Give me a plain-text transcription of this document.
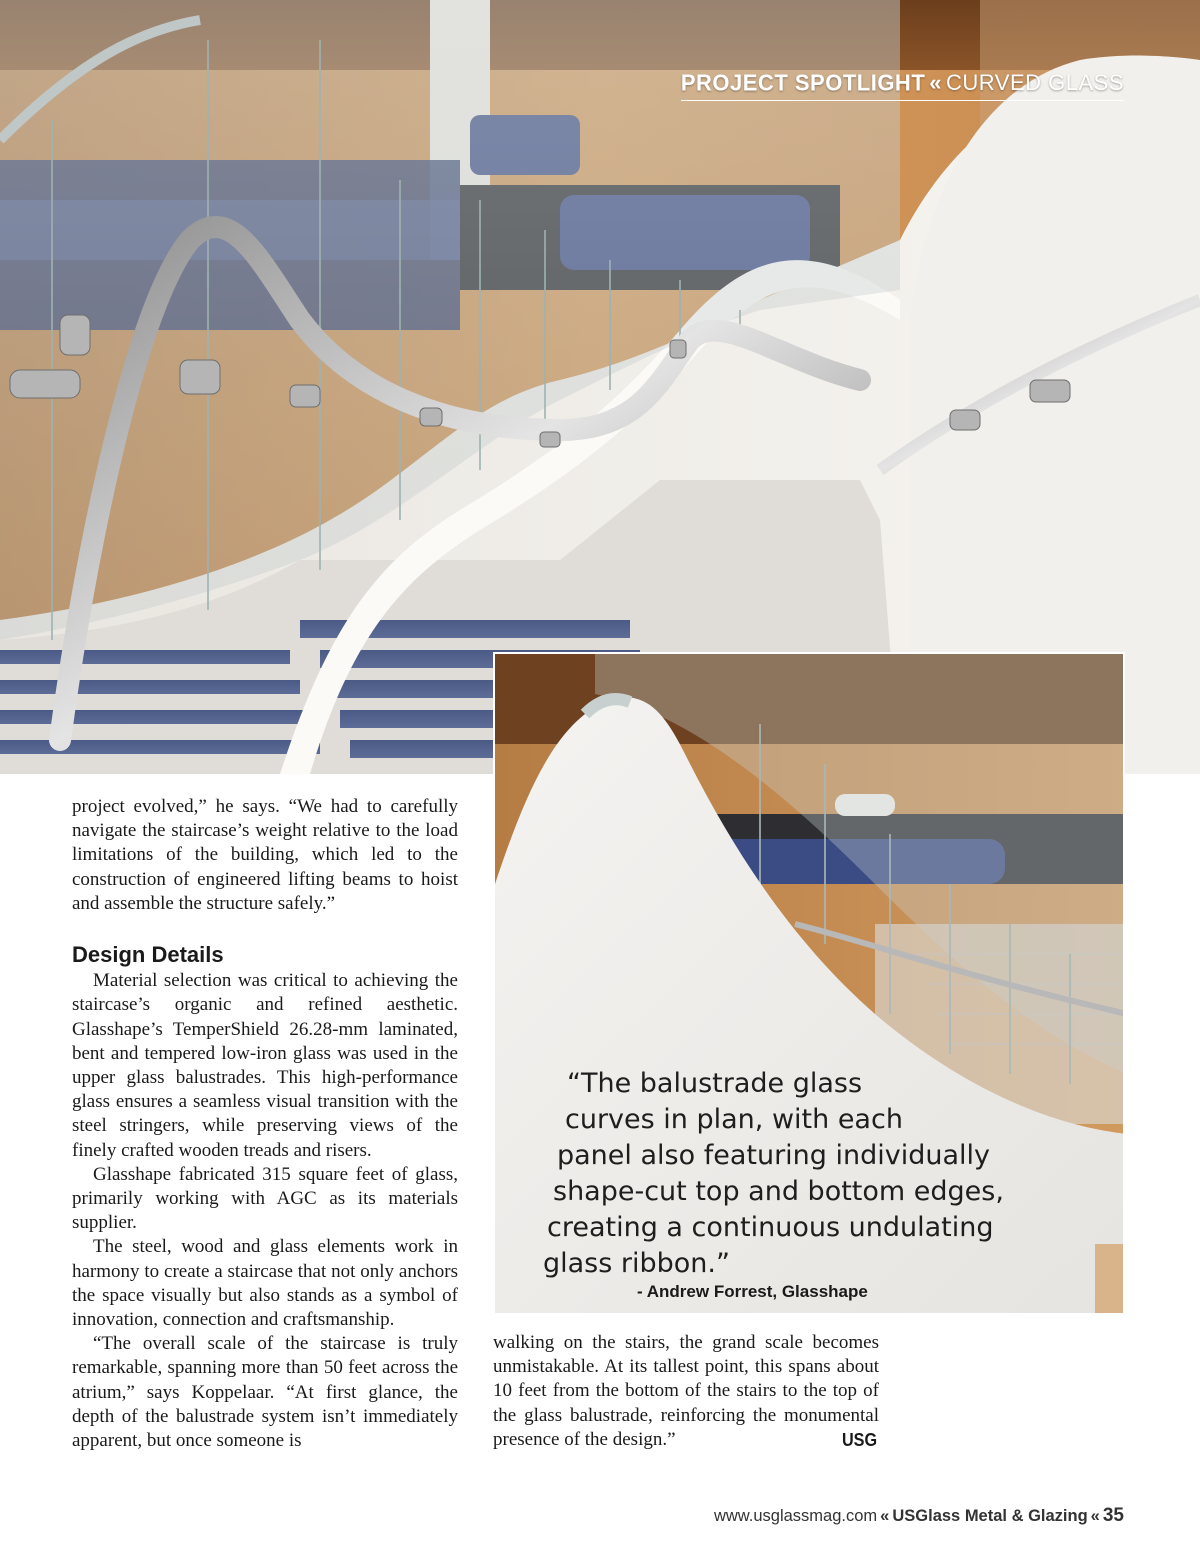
PROJECT SPOTLIGHT « CURVED GLASS
“The balustrade glass
curves in plan, with each
panel also featuring individually
shape-cut top and bottom edges,
creating a continuous undulating
glass ribbon.”
- Andrew Forrest, Glasshape

project evolved,” he says. “We had to carefully navigate the staircase’s weight relative to the load limitations of the building, which led to the construction of engineered lifting beams to hoist and assemble the structure safely.”

Design Details

Material selection was critical to achieving the staircase’s organic and refined aesthetic. Glasshape’s TemperShield 26.28-mm laminated, bent and tempered low-iron glass was used in the upper glass balustrades. This high-performance glass ensures a seamless visual transition with the steel stringers, while preserving views of the finely crafted wooden treads and risers.

Glasshape fabricated 315 square feet of glass, primarily working with AGC as its materials supplier.

The steel, wood and glass elements work in harmony to create a staircase that not only anchors the space visually but also stands as a symbol of innovation, connection and craftsmanship.

“The overall scale of the staircase is truly remarkable, spanning more than 50 feet across the atrium,” says Koppelaar. “At first glance, the depth of the balustrade system isn’t immediately apparent, but once someone is

walking on the stairs, the grand scale becomes unmistakable. At its tallest point, this spans about 10 feet from the bottom of the stairs to the top of the glass balustrade, reinforcing the monumental presence of the design.”	USG

www.usglassmag.com « USGlass Metal & Glazing « 35
